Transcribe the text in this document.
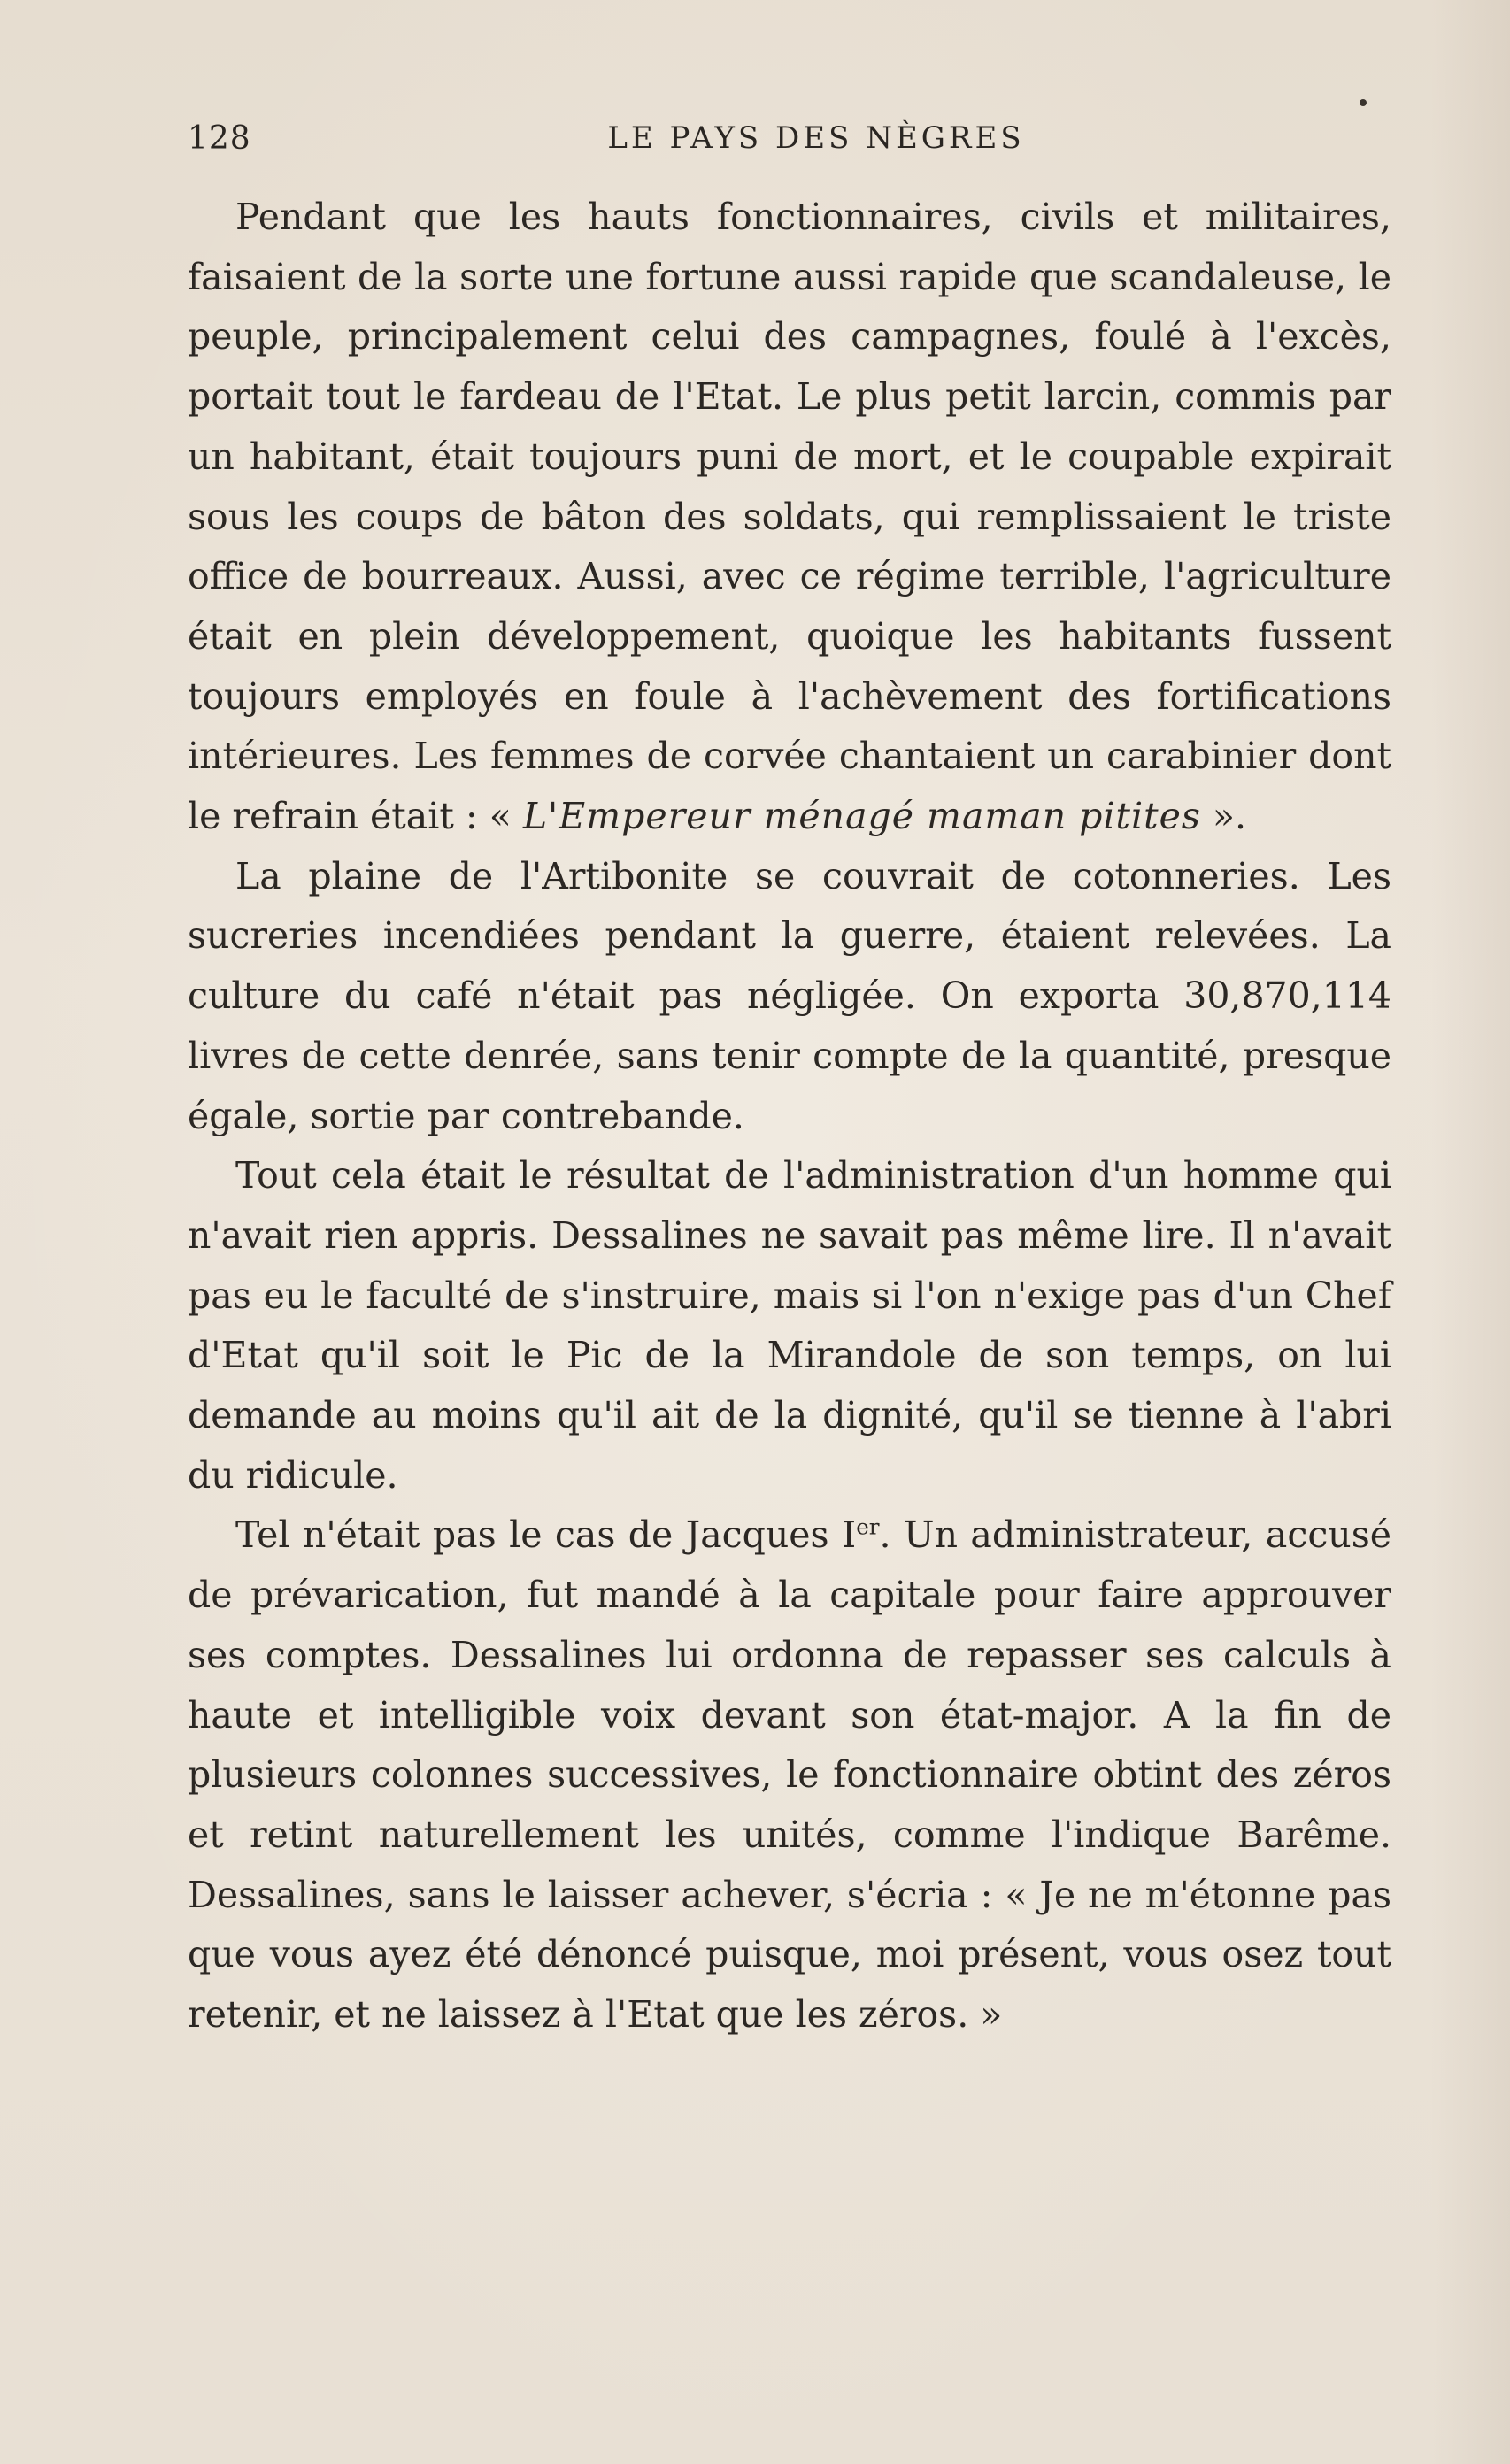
128	LE PAYS DES NÈGRES

Pendant que les hauts fonctionnaires, civils et militaires, faisaient de la sorte une fortune aussi rapide que scandaleuse, le peuple, principalement celui des campagnes, foulé à l'excès, portait tout le fardeau de l'Etat. Le plus petit larcin, commis par un habitant, était toujours puni de mort, et le coupable expirait sous les coups de bâton des soldats, qui remplissaient le triste office de bourreaux. Aussi, avec ce régime terrible, l'agriculture était en plein développement, quoique les habitants fussent toujours employés en foule à l'achèvement des fortifications intérieures. Les femmes de corvée chantaient un carabinier dont le refrain était : « L'Empereur ménagé maman pitites ».

La plaine de l'Artibonite se couvrait de cotonneries. Les sucreries incendiées pendant la guerre, étaient relevées. La culture du café n'était pas négligée. On exporta 30,870,114 livres de cette denrée, sans tenir compte de la quantité, presque égale, sortie par contrebande.

Tout cela était le résultat de l'administration d'un homme qui n'avait rien appris. Dessalines ne savait pas même lire. Il n'avait pas eu le faculté de s'instruire, mais si l'on n'exige pas d'un Chef d'Etat qu'il soit le Pic de la Mirandole de son temps, on lui demande au moins qu'il ait de la dignité, qu'il se tienne à l'abri du ridicule.

Tel n'était pas le cas de Jacques Ier. Un administrateur, accusé de prévarication, fut mandé à la capitale pour faire approuver ses comptes. Dessalines lui ordonna de repasser ses calculs à haute et intelligible voix devant son état-major. A la fin de plusieurs colonnes successives, le fonctionnaire obtint des zéros et retint naturellement les unités, comme l'indique Barême. Dessalines, sans le laisser achever, s'écria : « Je ne m'étonne pas que vous ayez été dénoncé puisque, moi présent, vous osez tout retenir, et ne laissez à l'Etat que les zéros. »
